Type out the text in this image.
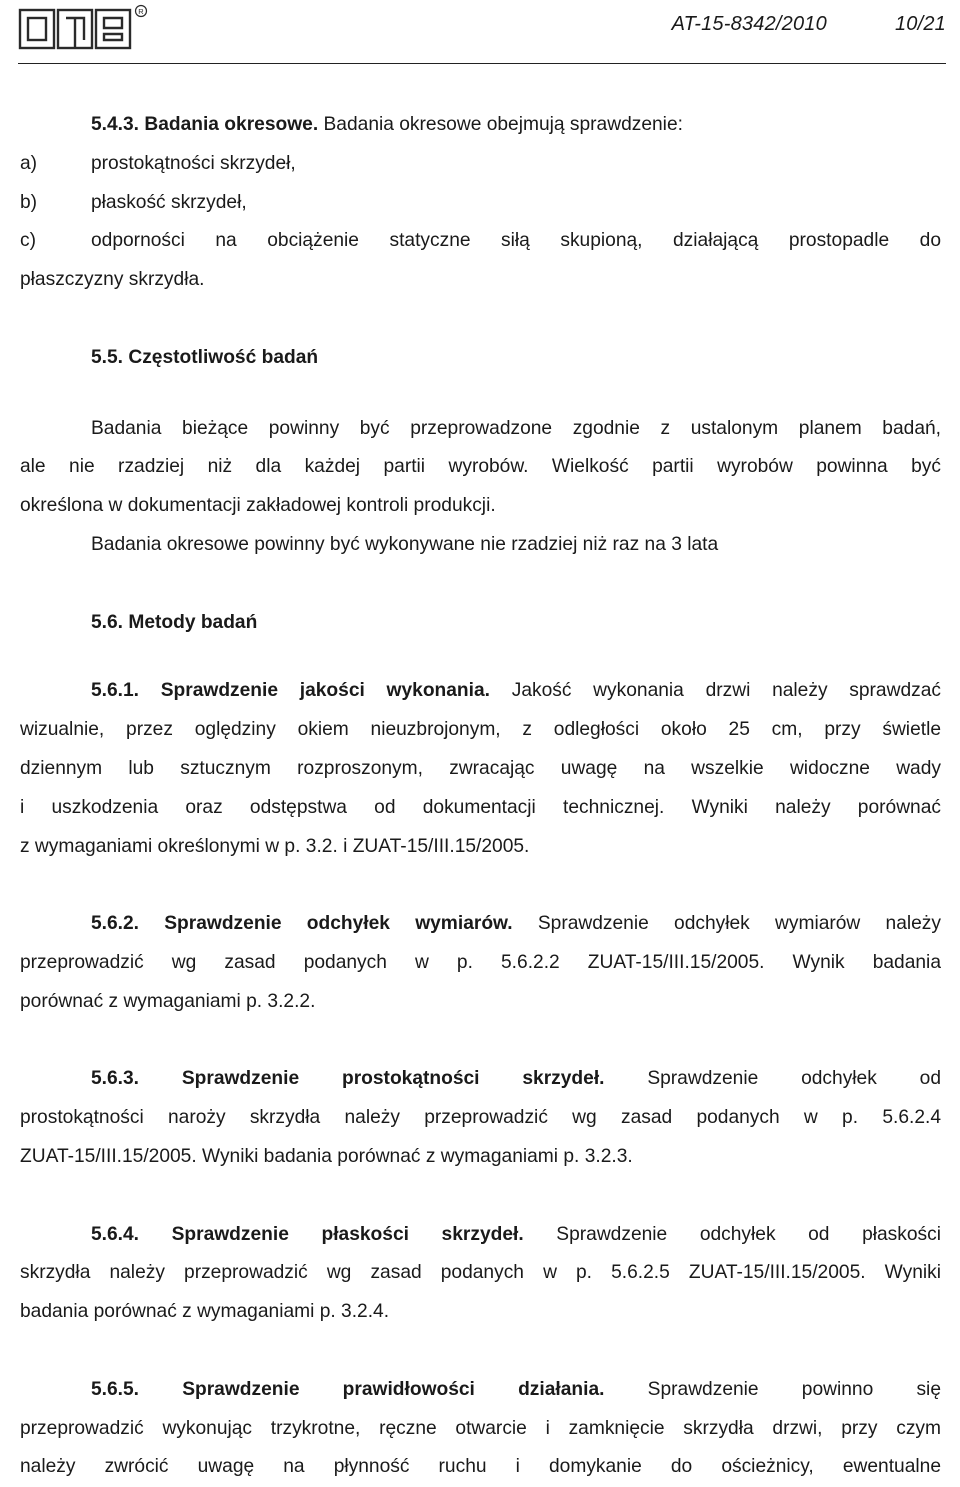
R
AT-15-8342/2010	10/21
5.4.3. Badania okresowe. Badania okresowe obejmują sprawdzenie:
a)	prostokątności skrzydeł,
b)	płaskość skrzydeł,
c)	odporności na obciążenie statyczne siłą skupioną, działającą prostopadle do
płaszczyzny skrzydła.
5.5. Częstotliwość badań
Badania bieżące powinny być przeprowadzone zgodnie z ustalonym planem badań,
ale nie rzadziej niż dla każdej partii wyrobów. Wielkość partii wyrobów powinna być
określona w dokumentacji zakładowej kontroli produkcji.
Badania okresowe powinny być wykonywane nie rzadziej niż raz na 3 lata
5.6. Metody badań
5.6.1. Sprawdzenie jakości wykonania. Jakość wykonania drzwi należy sprawdzać
wizualnie, przez oględziny okiem nieuzbrojonym, z odległości około 25 cm, przy świetle
dziennym lub sztucznym rozproszonym, zwracając uwagę na wszelkie widoczne wady
i uszkodzenia oraz odstępstwa od dokumentacji technicznej. Wyniki należy porównać
z wymaganiami określonymi w p. 3.2. i ZUAT-15/III.15/2005.
5.6.2. Sprawdzenie odchyłek wymiarów. Sprawdzenie odchyłek wymiarów należy
przeprowadzić wg zasad podanych w p. 5.6.2.2 ZUAT-15/III.15/2005. Wynik badania
porównać z wymaganiami p. 3.2.2.
5.6.3. Sprawdzenie prostokątności skrzydeł. Sprawdzenie odchyłek od
prostokątności naroży skrzydła należy przeprowadzić wg zasad podanych w p. 5.6.2.4
ZUAT-15/III.15/2005. Wyniki badania porównać z wymaganiami p. 3.2.3.
5.6.4. Sprawdzenie płaskości skrzydeł. Sprawdzenie odchyłek od płaskości
skrzydła należy przeprowadzić wg zasad podanych w p. 5.6.2.5 ZUAT-15/III.15/2005. Wyniki
badania porównać z wymaganiami p. 3.2.4.
5.6.5. Sprawdzenie prawidłowości działania. Sprawdzenie powinno się
przeprowadzić wykonując trzykrotne, ręczne otwarcie i zamknięcie skrzydła drzwi, przy czym
należy zwrócić uwagę na płynność ruchu i domykanie do ościeżnicy, ewentualne
